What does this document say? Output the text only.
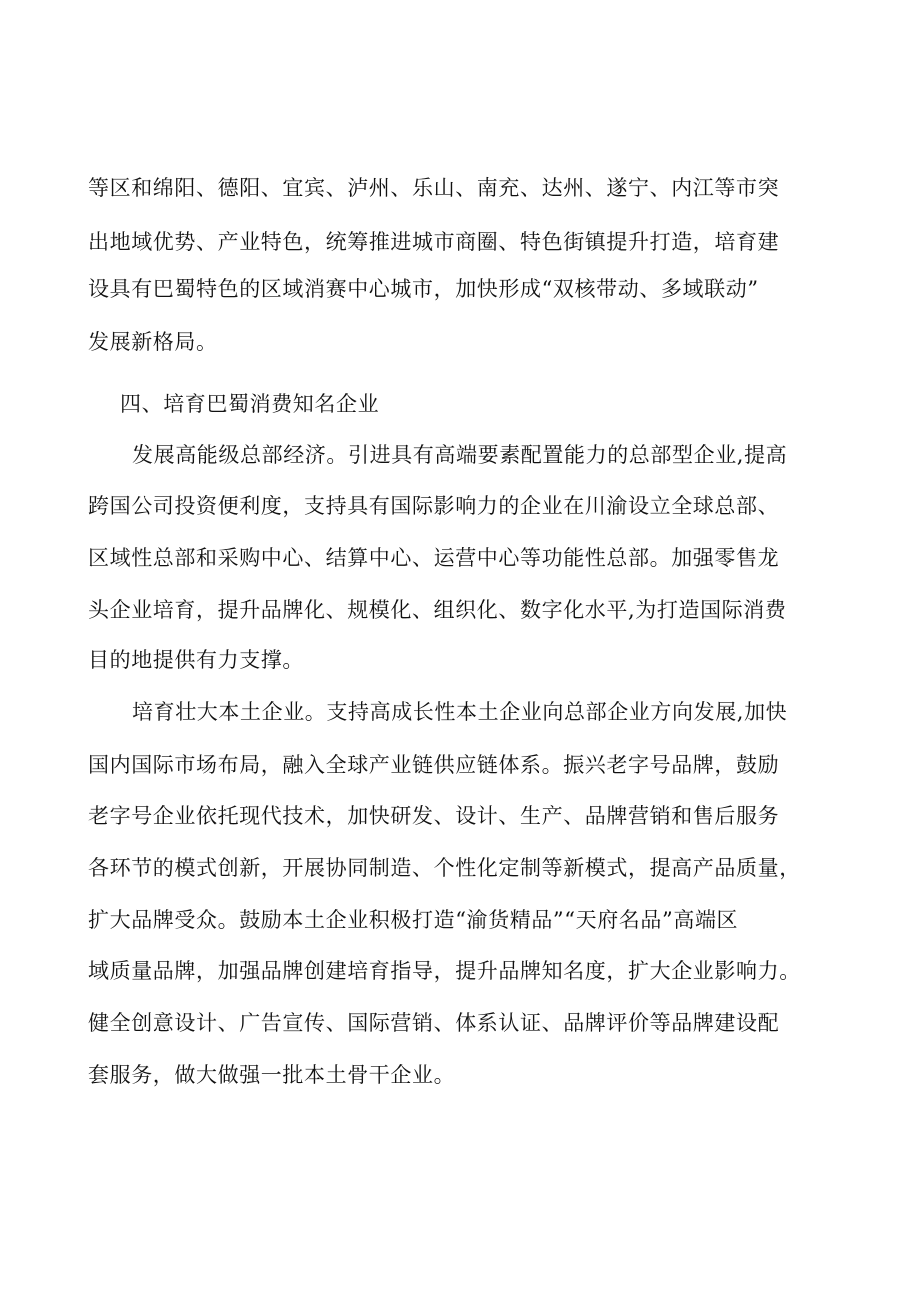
等区和绵阳、德阳、宜宾、泸州、乐山、南充、达州、遂宁、内江等市突
出地域优势、产业特色，统筹推进城市商圈、特色街镇提升打造，培育建
设具有巴蜀特色的区域消赛中心城市，加快形成“双核带动、多域联动”
发展新格局。
四、培育巴蜀消费知名企业
发展高能级总部经济。引进具有高端要素配置能力的总部型企业,提高
跨国公司投资便利度，支持具有国际影响力的企业在川渝设立全球总部、
区域性总部和采购中心、结算中心、运营中心等功能性总部。加强零售龙
头企业培育，提升品牌化、规模化、组织化、数字化水平,为打造国际消费
目的地提供有力支撑。
培育壮大本土企业。支持高成长性本土企业向总部企业方向发展,加快
国内国际市场布局，融入全球产业链供应链体系。振兴老字号品牌，鼓励
老字号企业依托现代技术，加快研发、设计、生产、品牌营销和售后服务
各环节的模式创新，开展协同制造、个性化定制等新模式，提高产品质量，
扩大品牌受众。鼓励本土企业积极打造“渝货精品”“天府名品”高端区
域质量品牌，加强品牌创建培育指导，提升品牌知名度，扩大企业影响力。
健全创意设计、广告宣传、国际营销、体系认证、品牌评价等品牌建设配
套服务，做大做强一批本土骨干企业。
